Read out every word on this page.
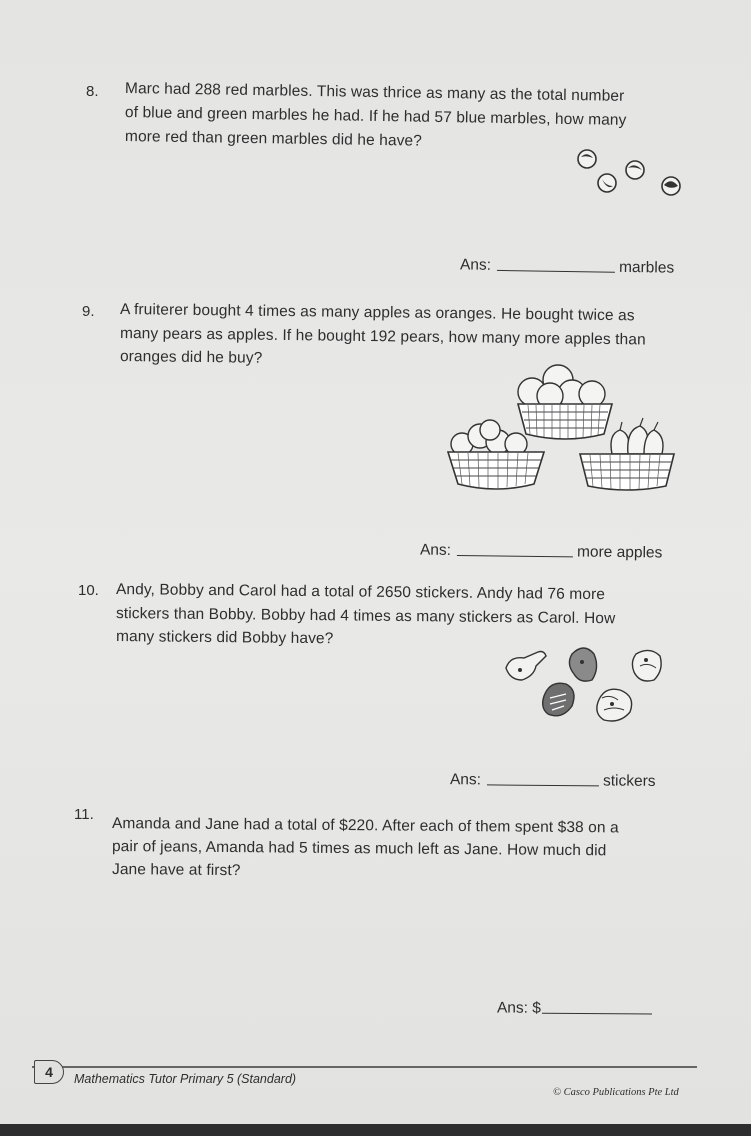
8. Marc had 288 red marbles. This was thrice as many as the total number
of blue and green marbles he had. If he had 57 blue marbles, how many
more red than green marbles did he have?
Ans:	marbles
9. A fruiterer bought 4 times as many apples as oranges. He bought twice as
many pears as apples. If he bought 192 pears, how many more apples than
oranges did he buy?
Ans:	more apples
10. Andy, Bobby and Carol had a total of 2650 stickers. Andy had 76 more
stickers than Bobby. Bobby had 4 times as many stickers as Carol. How
many stickers did Bobby have?
Ans:	stickers
11.
Amanda and Jane had a total of $220. After each of them spent $38 on a
pair of jeans, Amanda had 5 times as much left as Jane. How much did
Jane have at first?
Ans: $
4	Mathematics Tutor Primary 5 (Standard)
© Casco Publications Pte Ltd
